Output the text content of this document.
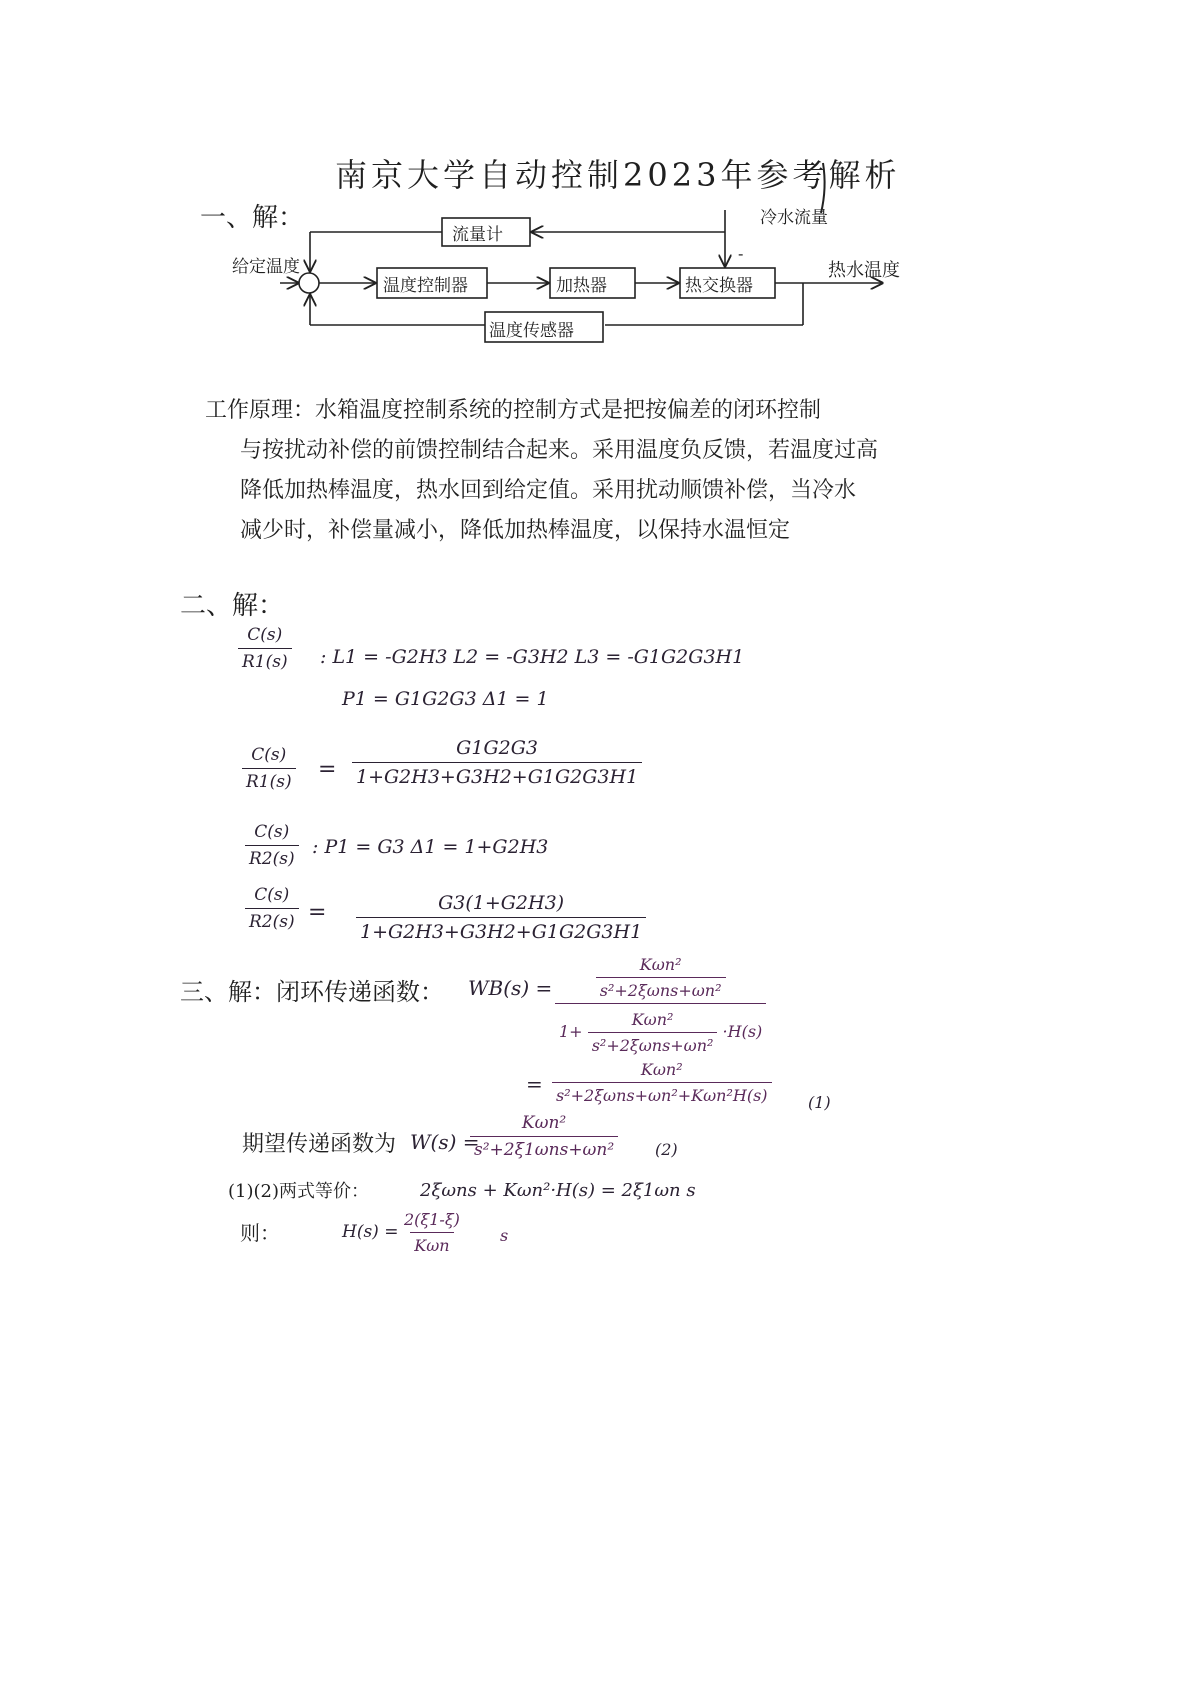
南京大学自动控制2023年参考解析
一、解：
给定温度	热水温度
冷水流量
-
流量计
温度控制器	加热器	热交换器
温度传感器
工作原理：水箱温度控制系统的控制方式是把按偏差的闭环控制
与按扰动补偿的前馈控制结合起来。采用温度负反馈，若温度过高
降低加热棒温度，热水回到给定值。采用扰动顺馈补偿，当冷水
减少时，补偿量减小，降低加热棒温度，以保持水温恒定
二、解：
$\frac{C(s)}{R1(s)}$ : L1 = -G2H3 L2 = -G3H2 L3 = -G1G2G3H1
P1 = G1G2G3 Δ1 = 1
$\frac{C(s)}{R1(s)} = \frac{G1G2G3}{1+G2H3+G3H2+G1G2G3H1}$
$\frac{C(s)}{R2(s)}$ : P1 = G3 Δ1 = 1+G2H3
$\frac{C(s)}{R2(s)} = \frac{G3(1+G2H3)}{1+G2H3+G3H2+G1G2G3H1}$
三、解：闭环传递函数： $WB(s) = \frac{\frac{\text{Kωn²}}{\text{s²+2ξωns+ωn²}}}{1+ \frac{\text{Kωn²}}{\text{s²+2ξωns+ωn²}} \cdot H(s)}$
= $\frac{\text{Kωn²}}{\text{s²+2ξωns+ωn²+Kωn²H(s)}} (1)$
期望传递函数为 W(s) =
$\frac{\text{Kωn²}}{\text{s²+2ξ1ωns+ωn²}} (2)$
(1)(2)两式等价：	2ξωns + Kωn²·H(s) = 2ξ1ωn s
则：	$H(s) = \frac{2(\xi 1-\xi)}{\text{Kωn}}$ s
